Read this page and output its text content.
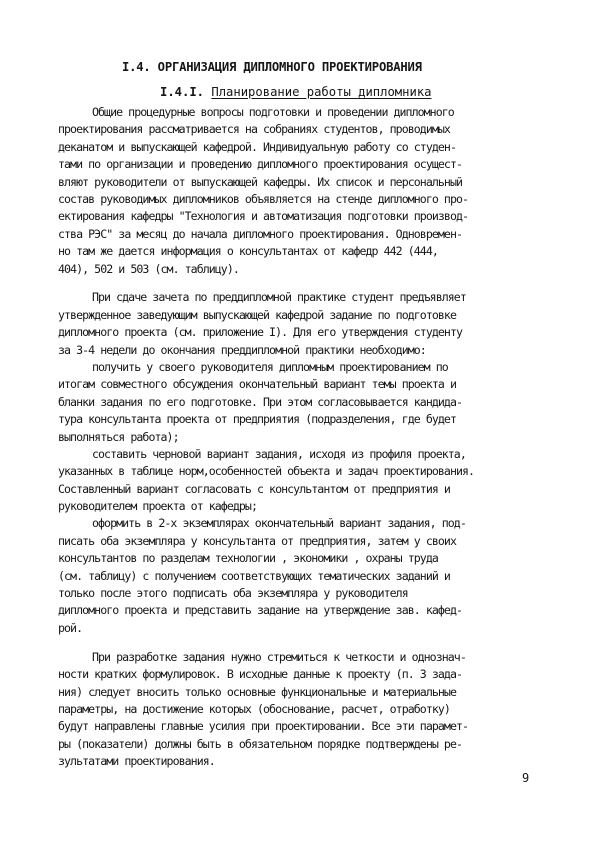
I.4. ОРГАНИЗАЦИЯ ДИПЛОМНОГО ПРОЕКТИРОВАНИЯ
I.4.I. Планирование работы дипломника
Общие процедурные вопросы подготовки и проведении дипломного
проектирования рассматривается на собраниях студентов, проводимых
деканатом и выпускающей кафедрой. Индивидуальную работу со студен-
тами по организации и проведению дипломного проектирования осущест-
вляют руководители от выпускающей кафедры. Их список и персональный
состав руководимых дипломников объявляется на стенде дипломного про-
ектирования кафедры "Технология и автоматизация подготовки производ-
ства РЭС" за месяц до начала дипломного проектирования. Одновремен-
но там же дается информация о консультантах от кафедр 442 (444,
404), 502 и 503 (см. таблицу).
При сдаче зачета по преддипломной практике студент предъявляет
утвержденное заведующим выпускающей кафедрой задание по подготовке
дипломного проекта (см. приложение I). Для его утверждения студенту
за 3-4 недели до окончания преддипломной практики необходимо:
получить у своего руководителя дипломным проектированием по
итогам совместного обсуждения окончательный вариант темы проекта и
бланки задания по его подготовке. При этом согласовывается кандида-
тура консультанта проекта от предприятия (подразделения, где будет
выполняться работа);
составить черновой вариант задания, исходя из профиля проекта,
указанных в таблице норм,особенностей объекта и задач проектирования.
Составленный вариант согласовать с консультантом от предприятия и
руководителем проекта от кафедры;
оформить в 2-х экземплярах окончательный вариант задания, под-
писать оба экземпляра у консультанта от предприятия, затем у своих
консультантов по разделам технологии , экономики , охраны труда
(см. таблицу) с получением соответствующих тематических заданий и
только после этого подписать оба экземпляра у руководителя
дипломного проекта и представить задание на утверждение зав. кафед-
рой.
При разработке задания нужно стремиться к четкости и однознач-
ности кратких формулировок. В исходные данные к проекту (п. 3 зада-
ния) следует вносить только основные функциональные и материальные
параметры, на достижение которых (обоснование, расчет, отработку)
будут направлены главные усилия при проектировании. Все эти парамет-
ры (показатели) должны быть в обязательном порядке подтверждены ре-
зультатами проектирования.
9
